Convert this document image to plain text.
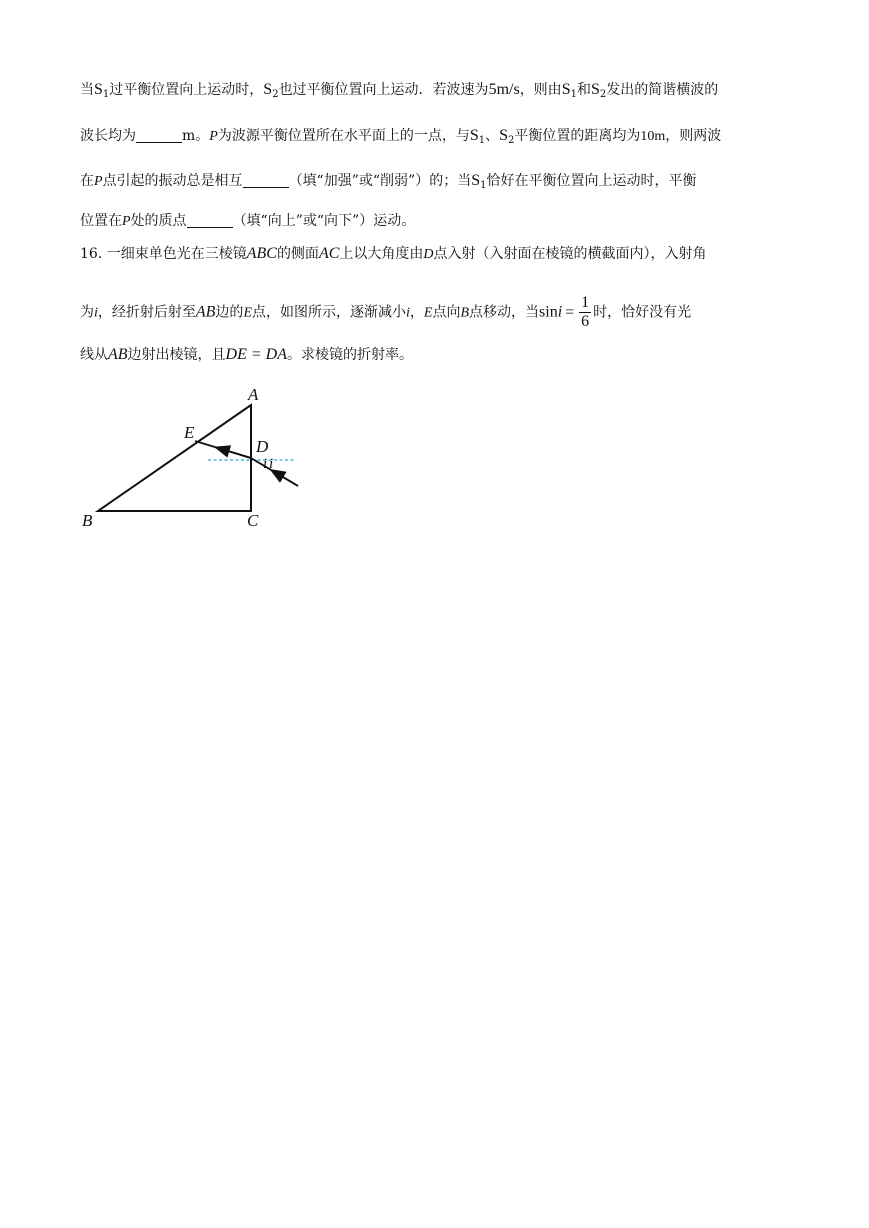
当$S_1$过平衡位置向上运动时，$S_2$也过平衡位置向上运动．若波速为5m/s，则由$S_1$和$S_2$发出的简谐横波的
波长均为	m。P为波源平衡位置所在水平面上的一点，与$S_1$、$S_2$平衡位置的距离均为10m，则两波
在P点引起的振动总是相互	（填“加强”或“削弱”）的；当$S_1$恰好在平衡位置向上运动时，平衡
位置在P处的质点	（填“向上”或“向下”）运动。
16. 一细束单色光在三棱镜ABC的侧面AC上以大角度由D点入射（入射面在棱镜的横截面内），入射角
为i，经折射后射至AB边的E点，如图所示，逐渐减小i，E点向B点移动，当$\sin i = \frac{1}{6}$ 时，恰好没有光
线从AB边射出棱镜，且DE = DA。求棱镜的折射率。
A
B	C
D
E
i i
